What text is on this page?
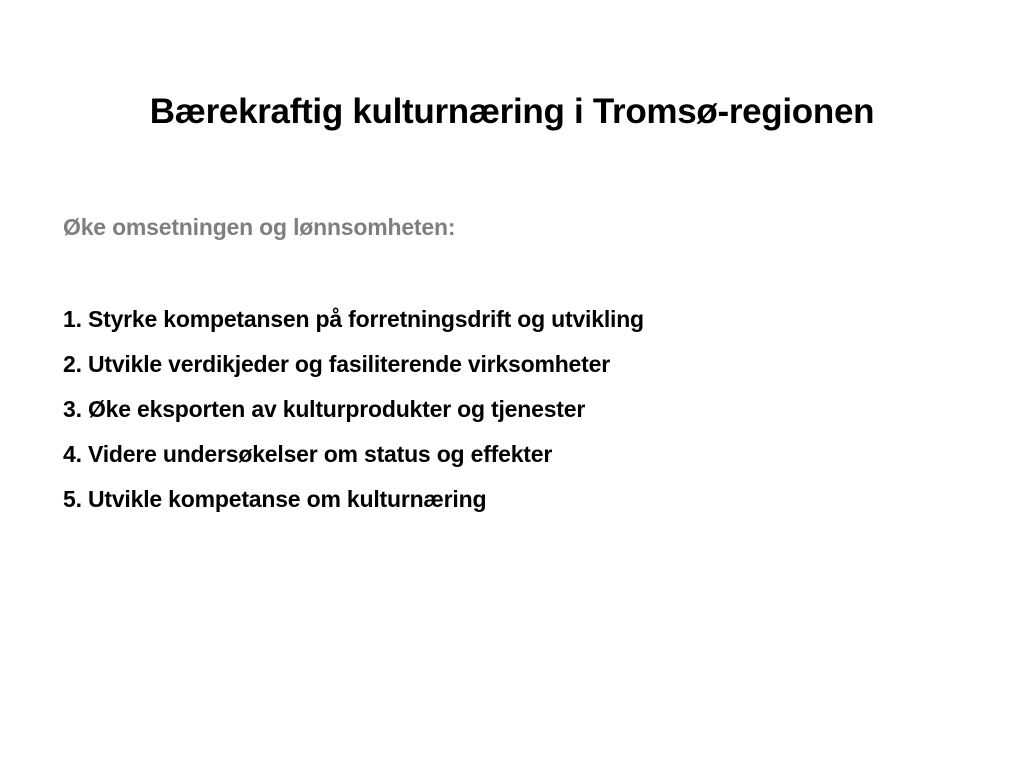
Bærekraftig kulturnæring i Tromsø-regionen

Øke omsetningen og lønnsomheten:

1. Styrke kompetansen på forretningsdrift og utvikling
2. Utvikle verdikjeder og fasiliterende virksomheter
3. Øke eksporten av kulturprodukter og tjenester
4. Videre undersøkelser om status og effekter
5. Utvikle kompetanse om kulturnæring
